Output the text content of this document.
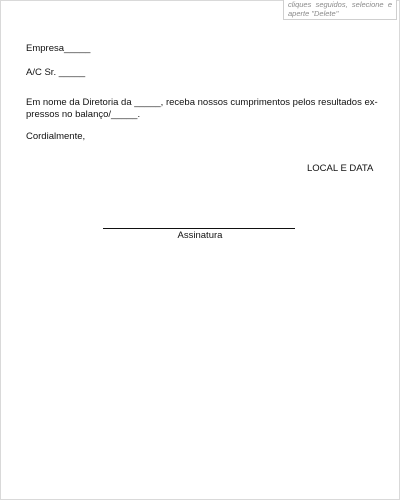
cliques seguidos, selecione e aperte "Delete"
Empresa_____
A/C Sr. _____
Em nome da Diretoria da _____, receba nossos cumprimentos pelos resultados ex-
pressos no balanço/_____.
Cordialmente,
LOCAL E DATA
Assinatura
